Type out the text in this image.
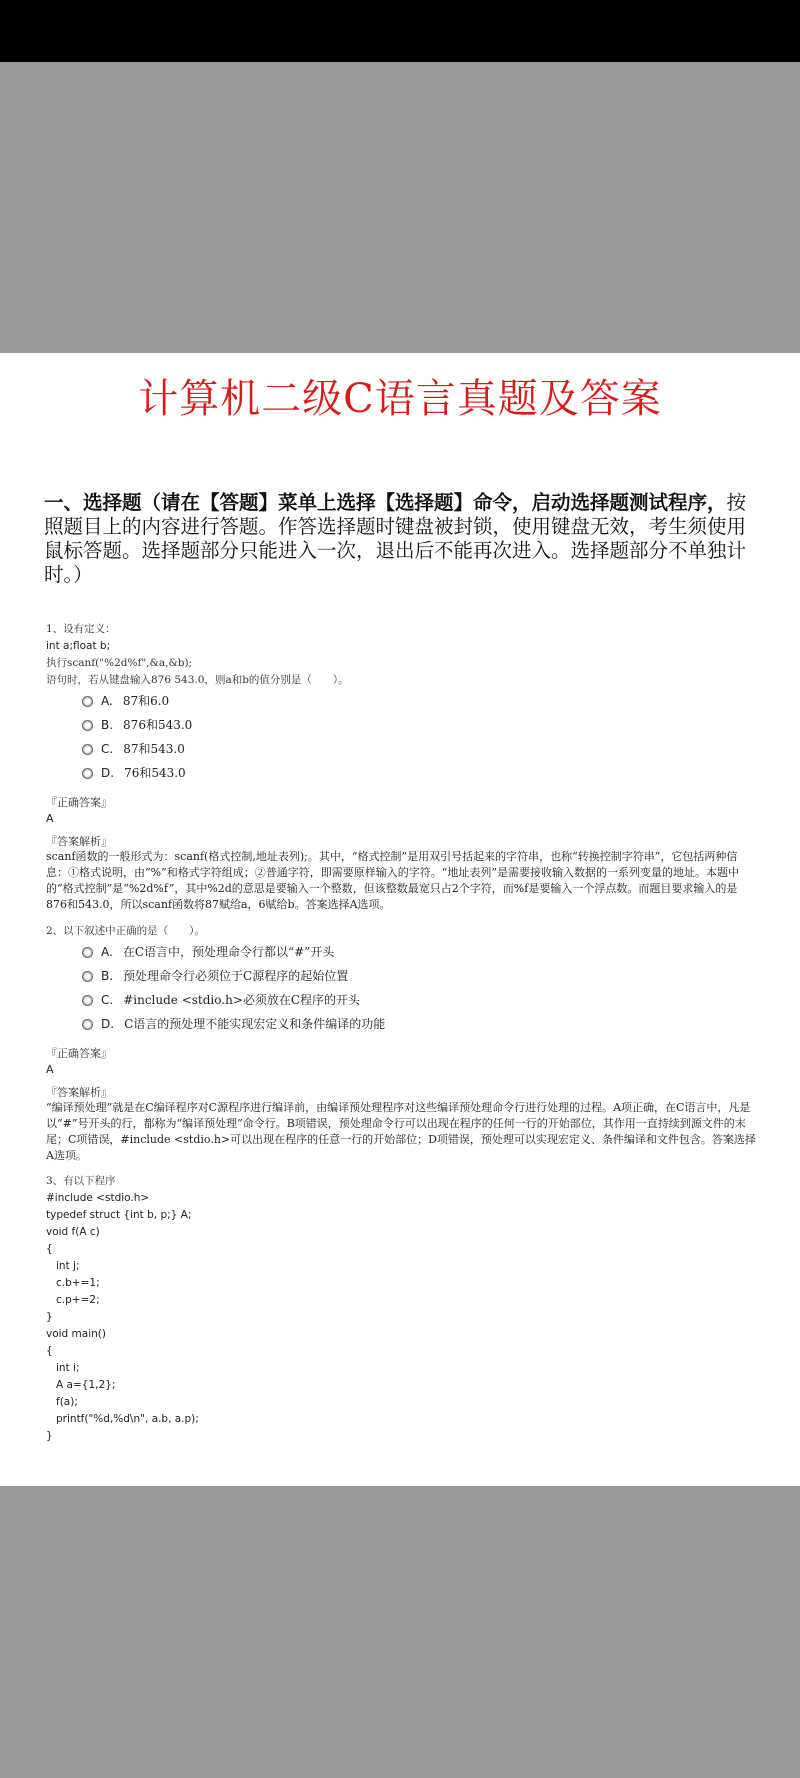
计算机二级C语言真题及答案
一、选择题（请在【答题】菜单上选择【选择题】命令，启动选择题测试程序，按照题目上的内容进行答题。作答选择题时键盘被封锁，使用键盘无效，考生须使用鼠标答题。选择题部分只能进入一次，退出后不能再次进入。选择题部分不单独计时。）
1、设有定义：
int a;float b;
执行scanf("%2d%f",&a,&b);
语句时，若从键盘输入876 543.0，则a和b的值分别是（　　）。
A. 87和6.0
B. 876和543.0
C. 87和543.0
D. 76和543.0
『正确答案』
A
『答案解析』
scanf函数的一般形式为：scanf(格式控制,地址表列);。其中，“格式控制”是用双引号括起来的字符串，也称“转换控制字符串”，它包括两种信息：①格式说明，由“%”和格式字符组成；②普通字符，即需要原样输入的字符。“地址表列”是需要接收输入数据的一系列变量的地址。本题中的“格式控制”是“%2d%f”，其中%2d的意思是要输入一个整数，但该整数最宽只占2个字符，而%f是要输入一个浮点数。而题目要求输入的是876和543.0，所以scanf函数将87赋给a，6赋给b。答案选择A选项。
2、以下叙述中正确的是（　　）。
A. 在C语言中，预处理命令行都以“#”开头
B. 预处理命令行必须位于C源程序的起始位置
C. #include <stdio.h>必须放在C程序的开头
D. C语言的预处理不能实现宏定义和条件编译的功能
『正确答案』
A
『答案解析』
“编译预处理”就是在C编译程序对C源程序进行编译前，由编译预处理程序对这些编译预处理命令行进行处理的过程。A项正确，在C语言中，凡是以“#”号开头的行，都称为“编译预处理”命令行。B项错误，预处理命令行可以出现在程序的任何一行的开始部位，其作用一直持续到源文件的末尾；C项错误，#include <stdio.h>可以出现在程序的任意一行的开始部位；D项错误，预处理可以实现宏定义、条件编译和文件包含。答案选择A选项。
3、有以下程序
#include <stdio.h>
typedef struct {int b, p;} A;
void f(A c)
{
int j;
c.b+=1;
c.p+=2;
}
void main()
{
int i;
A a={1,2};
f(a);
printf("%d,%d\n", a.b, a.p);
}
